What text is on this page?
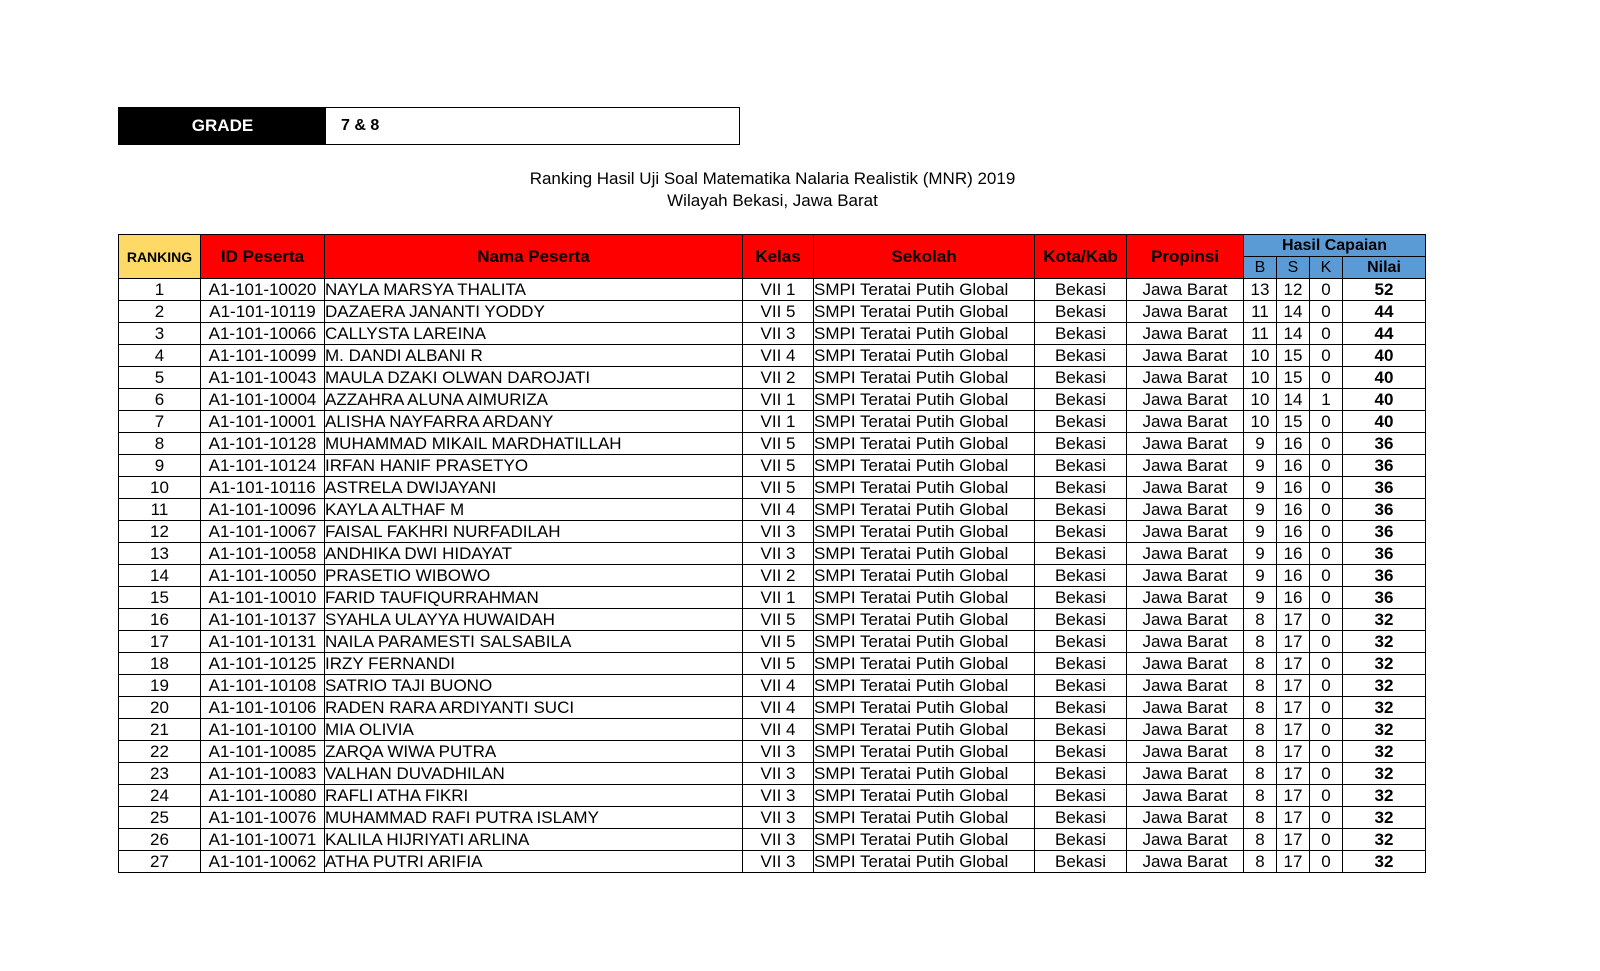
GRADE	7 & 8
Ranking Hasil Uji Soal Matematika Nalaria Realistik (MNR) 2019
Wilayah Bekasi, Jawa Barat
RANKING	ID Peserta	Nama Peserta	Kelas	Sekolah	Kota/Kab	Propinsi	Hasil Capaian			
							B	S	K	Nilai
1	A1-101-10020	NAYLA MARSYA THALITA	VII 1	SMPI Teratai Putih Global	Bekasi	Jawa Barat	13	12	0	52
2	A1-101-10119	DAZAERA JANANTI YODDY	VII 5	SMPI Teratai Putih Global	Bekasi	Jawa Barat	11	14	0	44
3	A1-101-10066	CALLYSTA LAREINA	VII 3	SMPI Teratai Putih Global	Bekasi	Jawa Barat	11	14	0	44
4	A1-101-10099	M. DANDI ALBANI R	VII 4	SMPI Teratai Putih Global	Bekasi	Jawa Barat	10	15	0	40
5	A1-101-10043	MAULA DZAKI OLWAN DAROJATI	VII 2	SMPI Teratai Putih Global	Bekasi	Jawa Barat	10	15	0	40
6	A1-101-10004	AZZAHRA ALUNA AIMURIZA	VII 1	SMPI Teratai Putih Global	Bekasi	Jawa Barat	10	14	1	40
7	A1-101-10001	ALISHA NAYFARRA ARDANY	VII 1	SMPI Teratai Putih Global	Bekasi	Jawa Barat	10	15	0	40
8	A1-101-10128	MUHAMMAD MIKAIL MARDHATILLAH	VII 5	SMPI Teratai Putih Global	Bekasi	Jawa Barat	9	16	0	36
9	A1-101-10124	IRFAN HANIF PRASETYO	VII 5	SMPI Teratai Putih Global	Bekasi	Jawa Barat	9	16	0	36
10	A1-101-10116	ASTRELA DWIJAYANI	VII 5	SMPI Teratai Putih Global	Bekasi	Jawa Barat	9	16	0	36
11	A1-101-10096	KAYLA ALTHAF M	VII 4	SMPI Teratai Putih Global	Bekasi	Jawa Barat	9	16	0	36
12	A1-101-10067	FAISAL FAKHRI NURFADILAH	VII 3	SMPI Teratai Putih Global	Bekasi	Jawa Barat	9	16	0	36
13	A1-101-10058	ANDHIKA DWI HIDAYAT	VII 3	SMPI Teratai Putih Global	Bekasi	Jawa Barat	9	16	0	36
14	A1-101-10050	PRASETIO WIBOWO	VII 2	SMPI Teratai Putih Global	Bekasi	Jawa Barat	9	16	0	36
15	A1-101-10010	FARID TAUFIQURRAHMAN	VII 1	SMPI Teratai Putih Global	Bekasi	Jawa Barat	9	16	0	36
16	A1-101-10137	SYAHLA ULAYYA HUWAIDAH	VII 5	SMPI Teratai Putih Global	Bekasi	Jawa Barat	8	17	0	32
17	A1-101-10131	NAILA PARAMESTI SALSABILA	VII 5	SMPI Teratai Putih Global	Bekasi	Jawa Barat	8	17	0	32
18	A1-101-10125	IRZY FERNANDI	VII 5	SMPI Teratai Putih Global	Bekasi	Jawa Barat	8	17	0	32
19	A1-101-10108	SATRIO TAJI BUONO	VII 4	SMPI Teratai Putih Global	Bekasi	Jawa Barat	8	17	0	32
20	A1-101-10106	RADEN RARA ARDIYANTI SUCI	VII 4	SMPI Teratai Putih Global	Bekasi	Jawa Barat	8	17	0	32
21	A1-101-10100	MIA OLIVIA	VII 4	SMPI Teratai Putih Global	Bekasi	Jawa Barat	8	17	0	32
22	A1-101-10085	ZARQA WIWA PUTRA	VII 3	SMPI Teratai Putih Global	Bekasi	Jawa Barat	8	17	0	32
23	A1-101-10083	VALHAN DUVADHILAN	VII 3	SMPI Teratai Putih Global	Bekasi	Jawa Barat	8	17	0	32
24	A1-101-10080	RAFLI ATHA FIKRI	VII 3	SMPI Teratai Putih Global	Bekasi	Jawa Barat	8	17	0	32
25	A1-101-10076	MUHAMMAD RAFI PUTRA ISLAMY	VII 3	SMPI Teratai Putih Global	Bekasi	Jawa Barat	8	17	0	32
26	A1-101-10071	KALILA HIJRIYATI ARLINA	VII 3	SMPI Teratai Putih Global	Bekasi	Jawa Barat	8	17	0	32
27	A1-101-10062	ATHA PUTRI ARIFIA	VII 3	SMPI Teratai Putih Global	Bekasi	Jawa Barat	8	17	0	32
